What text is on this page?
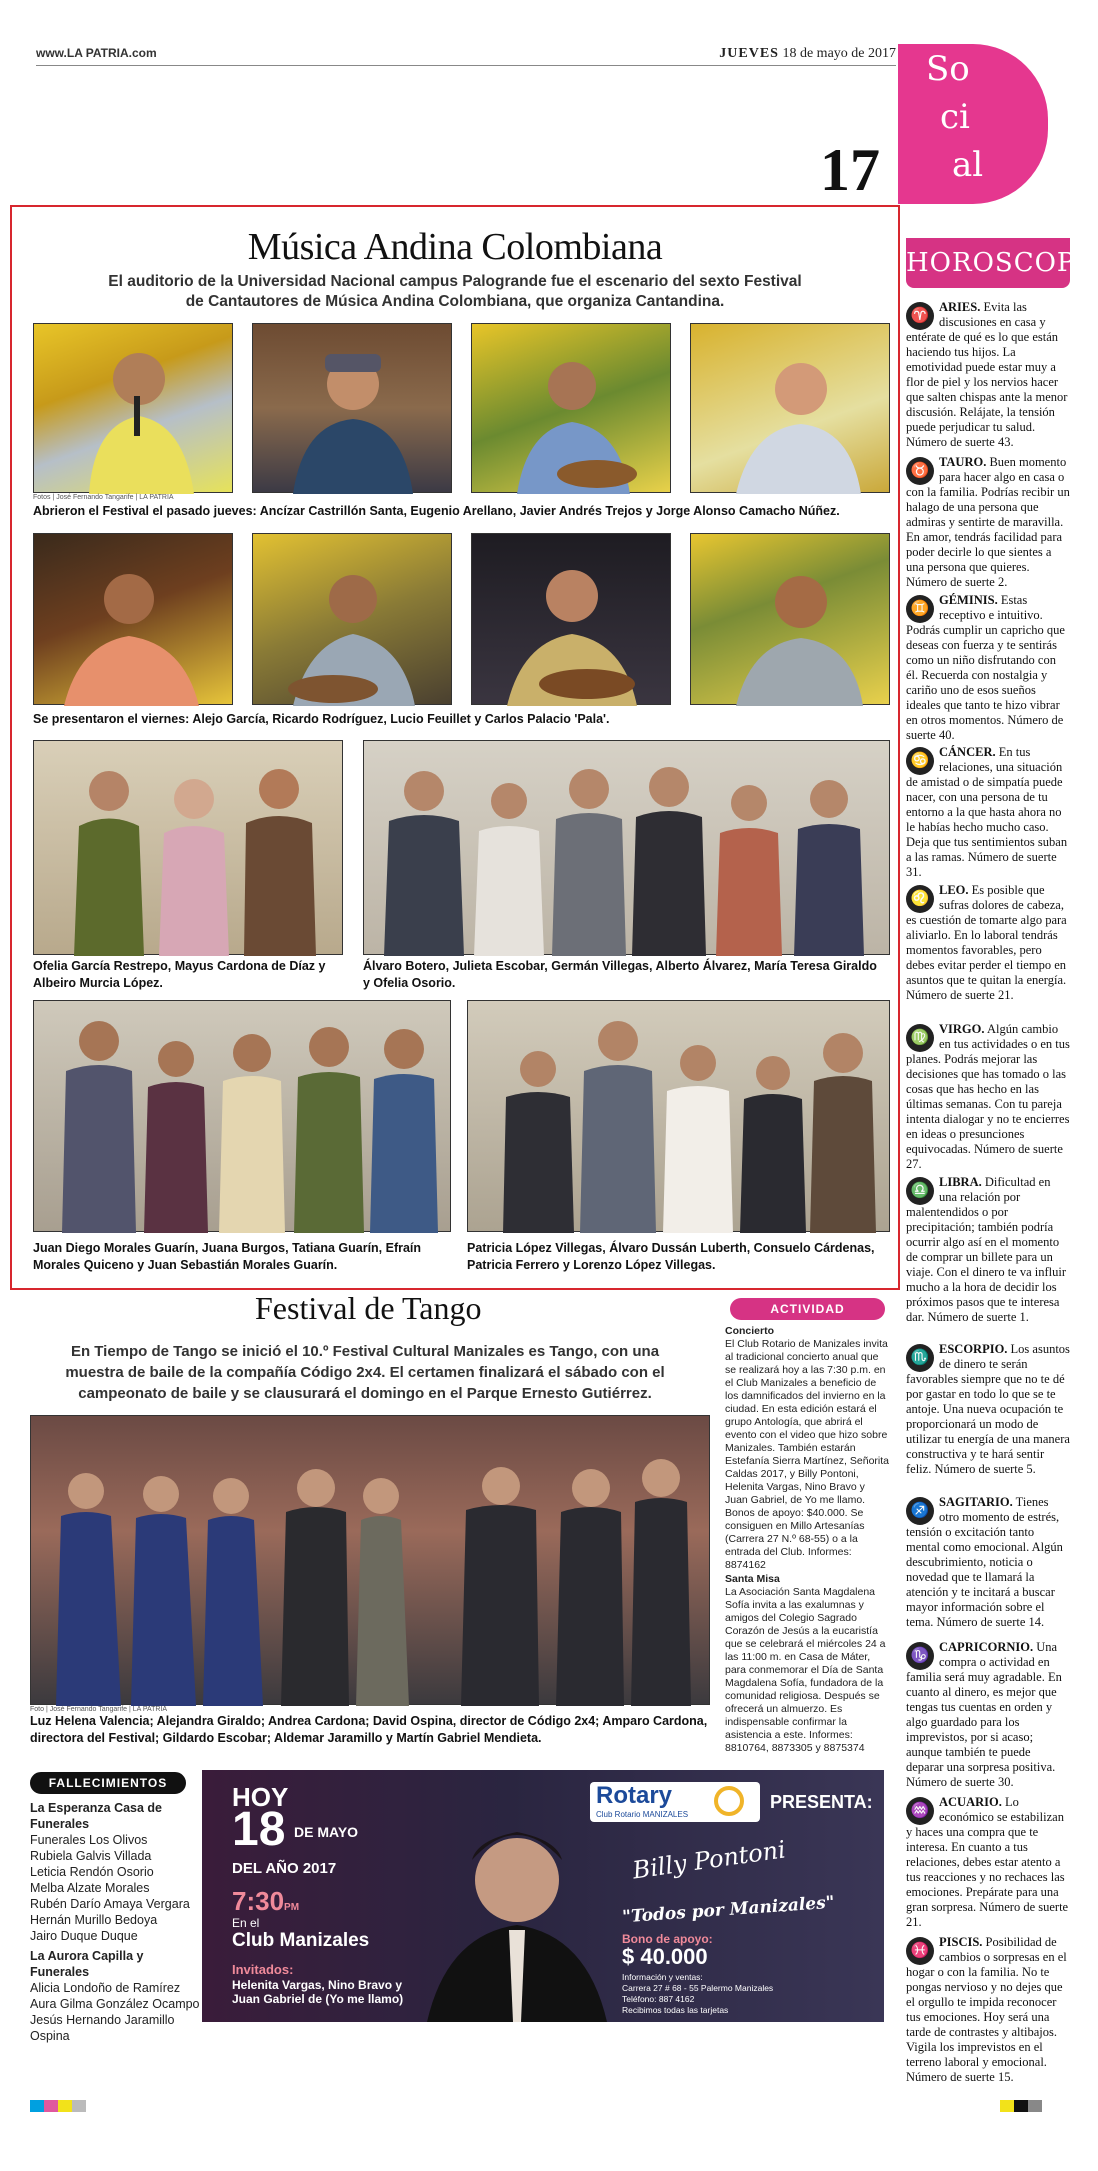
www.LA PATRIA.com	JUEVES 18 de mayo de 2017
17
So
ci
al
Música Andina Colombiana
El auditorio de la Universidad Nacional campus Palogrande fue el escenario del sexto Festival de Cantautores de Música Andina Colombiana, que organiza Cantandina.
Fotos | José Fernando Tangarife | LA PATRIA
Abrieron el Festival el pasado jueves: Ancízar Castrillón Santa, Eugenio Arellano, Javier Andrés Trejos y Jorge Alonso Camacho Núñez.
Se presentaron el viernes: Alejo García, Ricardo Rodríguez, Lucio Feuillet y Carlos Palacio 'Pala'.
Ofelia García Restrepo, Mayus Cardona de Díaz y Albeiro Murcia López.
Álvaro Botero, Julieta Escobar, Germán Villegas, Alberto Álvarez, María Teresa Giraldo y Ofelia Osorio.
Juan Diego Morales Guarín, Juana Burgos, Tatiana Guarín, Efraín Morales Quiceno y Juan Sebastián Morales Guarín.
Patricia López Villegas, Álvaro Dussán Luberth, Consuelo Cárdenas, Patricia Ferrero y Lorenzo López Villegas.
HOROSCOPO
♈
ARIES. Evita las discusiones en casa y entérate de qué es lo que están haciendo tus hijos. La emotividad puede estar muy a flor de piel y los nervios hacer que salten chispas ante la menor discusión. Relájate, la tensión puede perjudicar tu salud. Número de suerte 43.
♉
TAURO. Buen momento para hacer algo en casa o con la familia. Podrías recibir un halago de una persona que admiras y sentirte de maravilla. En amor, tendrás facilidad para poder decirle lo que sientes a una persona que quieres. Número de suerte 2.
♊
GÉMINIS. Estas receptivo e intuitivo. Podrás cumplir un capricho que deseas con fuerza y te sentirás como un niño disfrutando con él. Recuerda con nostalgia y cariño uno de esos sueños ideales que tanto te hizo vibrar en otros momentos. Número de suerte 40.
♋
CÁNCER. En tus relaciones, una situación de amistad o de simpatía puede nacer, con una persona de tu entorno a la que hasta ahora no le habías hecho mucho caso. Deja que tus sentimientos suban a las ramas. Número de suerte 31.
♌
LEO. Es posible que sufras dolores de cabeza, es cuestión de tomarte algo para aliviarlo. En lo laboral tendrás momentos favorables, pero debes evitar perder el tiempo en asuntos que te quitan la energía. Número de suerte 21.
♍
VIRGO. Algún cambio en tus actividades o en tus planes. Podrás mejorar las decisiones que has tomado o las cosas que has hecho en las últimas semanas. Con tu pareja intenta dialogar y no te encierres en ideas o presunciones equivocadas. Número de suerte 27.
♎
LIBRA. Dificultad en una relación por malentendidos o por precipitación; también podría ocurrir algo así en el momento de comprar un billete para un viaje. Con el dinero te va influir mucho a la hora de decidir los próximos pasos que te interesa dar. Número de suerte 1.
♏
ESCORPIO. Los asuntos de dinero te serán favorables siempre que no te dé por gastar en todo lo que se te antoje. Una nueva ocupación te proporcionará un modo de utilizar tu energía de una manera constructiva y te hará sentir feliz. Número de suerte 5.
♐
SAGITARIO. Tienes otro momento de estrés, tensión o excitación tanto mental como emocional. Algún descubrimiento, noticia o novedad que te llamará la atención y te incitará a buscar mayor información sobre el tema. Número de suerte 14.
♑
CAPRICORNIO. Una compra o actividad en familia será muy agradable. En cuanto al dinero, es mejor que tengas tus cuentas en orden y algo guardado para los imprevistos, por si acaso; aunque también te puede deparar una sorpresa positiva. Número de suerte 30.
♒
ACUARIO. Lo económico se estabilizan y haces una compra que te interesa. En cuanto a tus relaciones, debes estar atento a tus reacciones y no rechaces las emociones. Prepárate para una gran sorpresa. Número de suerte 21.
♓
PISCIS. Posibilidad de cambios o sorpresas en el hogar o con la familia. No te pongas nervioso y no dejes que el orgullo te impida reconocer tus emociones. Hoy será una tarde de contrastes y altibajos. Vigila los imprevistos en el terreno laboral y emocional. Número de suerte 15.
Festival de Tango
En Tiempo de Tango se inició el 10.º Festival Cultural Manizales es Tango, con una muestra de baile de la compañía Código 2x4. El certamen finalizará el sábado con el campeonato de baile y se clausurará el domingo en el Parque Ernesto Gutiérrez.
Foto | José Fernando Tangarife | LA PATRIA
Luz Helena Valencia; Alejandra Giraldo; Andrea Cardona; David Ospina, director de Código 2x4; Amparo Cardona, directora del Festival; Gildardo Escobar; Aldemar Jaramillo y Martín Gabriel Mendieta.
ACTIVIDAD
Concierto
El Club Rotario de Manizales invita al tradicional concierto anual que se realizará hoy a las 7:30 p.m. en el Club Manizales a beneficio de los damnificados del invierno en la ciudad. En esta edición estará el grupo Antología, que abrirá el evento con el video que hizo sobre Manizales. También estarán Estefanía Sierra Martínez, Señorita Caldas 2017, y Billy Pontoni, Helenita Vargas, Nino Bravo y Juan Gabriel, de Yo me llamo. Bonos de apoyo: $40.000. Se consiguen en Millo Artesanías (Carrera 27 N.º 68-55) o a la entrada del Club. Informes: 8874162
Santa Misa
La Asociación Santa Magdalena Sofía invita a las exalumnas y amigos del Colegio Sagrado Corazón de Jesús a la eucaristía que se celebrará el miércoles 24 a las 11:00 m. en Casa de Máter, para conmemorar el Día de Santa Magdalena Sofía, fundadora de la comunidad religiosa. Después se ofrecerá un almuerzo. Es indispensable confirmar la asistencia a este. Informes: 8810764, 8873305 y 8875374
FALLECIMIENTOS
La Esperanza Casa de Funerales
Funerales Los Olivos
Rubiela Galvis Villada
Leticia Rendón Osorio
Melba Alzate Morales
Rubén Darío Amaya Vergara
Hernán Murillo Bedoya
Jairo Duque Duque
La Aurora Capilla y Funerales
Alicia Londoño de Ramírez
Aura Gilma González Ocampo
Jesús Hernando Jaramillo Ospina
HOY
18 DE MAYO
DEL AÑO 2017
7:30PM
En el
Club Manizales
Invitados:
Helenita Vargas, Nino Bravo y Juan Gabriel de (Yo me llamo)
Rotary
Club Rotario MANIZALES
PRESENTA:
Billy Pontoni
"Todos por Manizales"
Bono de apoyo:
$ 40.000
Información y ventas:
Carrera 27 # 68 - 55 Palermo Manizales
Teléfono: 887 4162
Recibimos todas las tarjetas
